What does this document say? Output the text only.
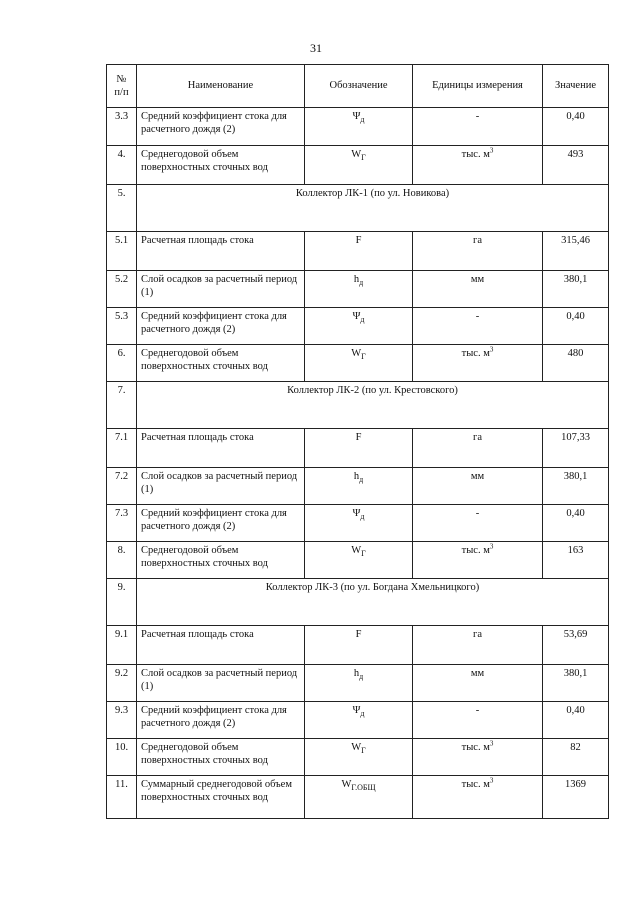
31
№ п/п	Наименование	Обозначение	Единицы измерения	Значение
3.3	Средний коэффициент стока для расчетного дождя (2)	$\Psi_д$	-	0,40
4.	Среднегодовой объем поверхностных сточных вод	$W_Г$	тыс. $м^3$	493
5.	Коллектор ЛК-1 (по ул. Новикова)			
5.1	Расчетная площадь стока	F	га	315,46
5.2	Слой осадков за расчетный период (1)	$h_д$	мм	380,1
5.3	Средний коэффициент стока для расчетного дождя (2)	$\Psi_д$	-	0,40
6.	Среднегодовой объем поверхностных сточных вод	$W_Г$	тыс. $м^3$	480
7.	Коллектор ЛК-2 (по ул. Крестовского)			
7.1	Расчетная площадь стока	F	га	107,33
7.2	Слой осадков за расчетный период (1)	$h_д$	мм	380,1
7.3	Средний коэффициент стока для расчетного дождя (2)	$\Psi_д$	-	0,40
8.	Среднегодовой объем поверхностных сточных вод	$W_Г$	тыс. $м^3$	163
9.	Коллектор ЛК-3 (по ул. Богдана Хмельницкого)			
9.1	Расчетная площадь стока	F	га	53,69
9.2	Слой осадков за расчетный период (1)	$h_д$	мм	380,1
9.3	Средний коэффициент стока для расчетного дождя (2)	$\Psi_д$	-	0,40
10.	Среднегодовой объем поверхностных сточных вод	$W_Г$	тыс. $м^3$	82
11.	Суммарный среднегодовой объем поверхностных сточных вод	$W_{Г.ОБЩ}$	тыс. $м^3$	1369
